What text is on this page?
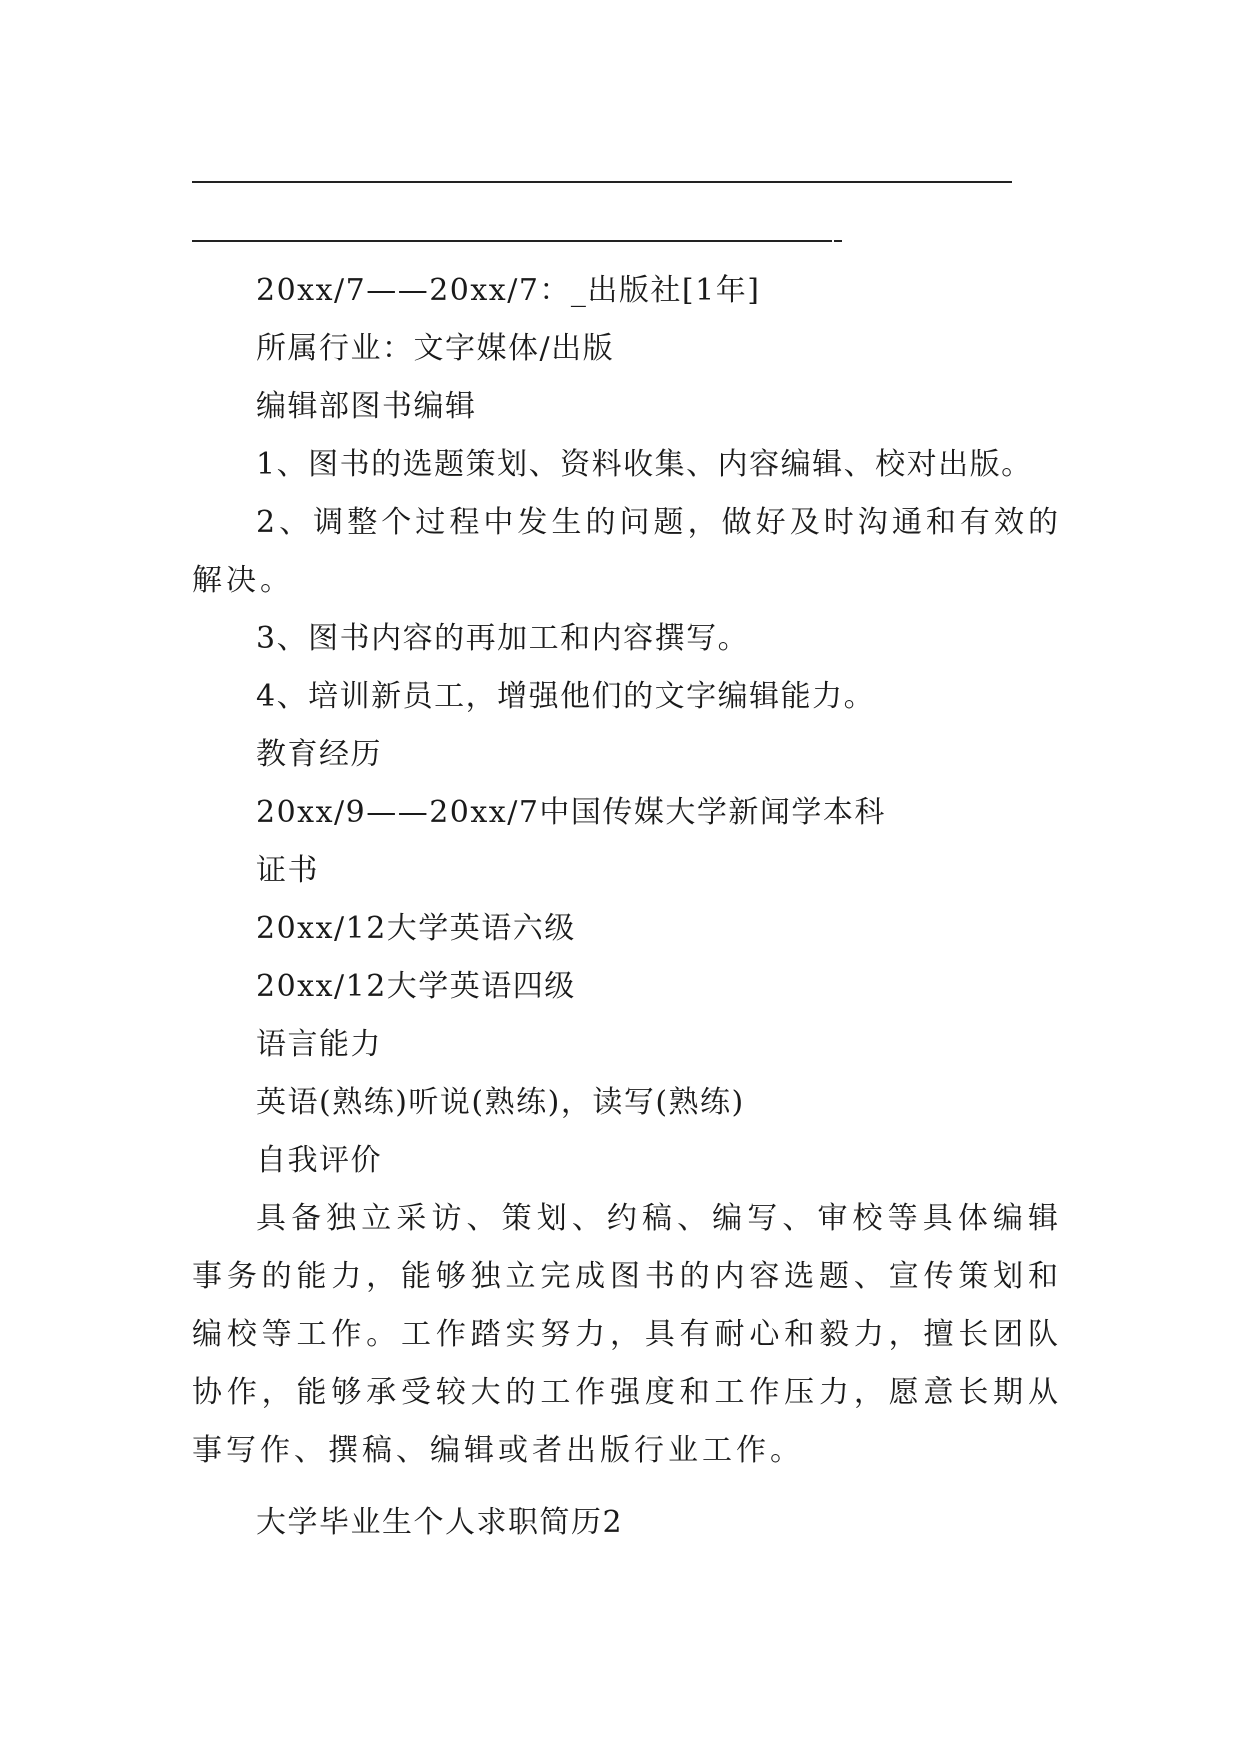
20xx/7——20xx/7：_出版社[1年]
所属行业：文字媒体/出版
编辑部图书编辑
1、图书的选题策划、资料收集、内容编辑、校对出版。

2、调整个过程中发生的问题，做好及时沟通和有效的解决。

3、图书内容的再加工和内容撰写。
4、培训新员工，增强他们的文字编辑能力。
教育经历
20xx/9——20xx/7中国传媒大学新闻学本科
证书
20xx/12大学英语六级
20xx/12大学英语四级
语言能力
英语(熟练)听说(熟练)，读写(熟练)
自我评价

具备独立采访、策划、约稿、编写、审校等具体编辑事务的能力，能够独立完成图书的内容选题、宣传策划和编校等工作。工作踏实努力，具有耐心和毅力，擅长团队协作，能够承受较大的工作强度和工作压力，愿意长期从事写作、撰稿、编辑或者出版行业工作。

大学毕业生个人求职简历2
